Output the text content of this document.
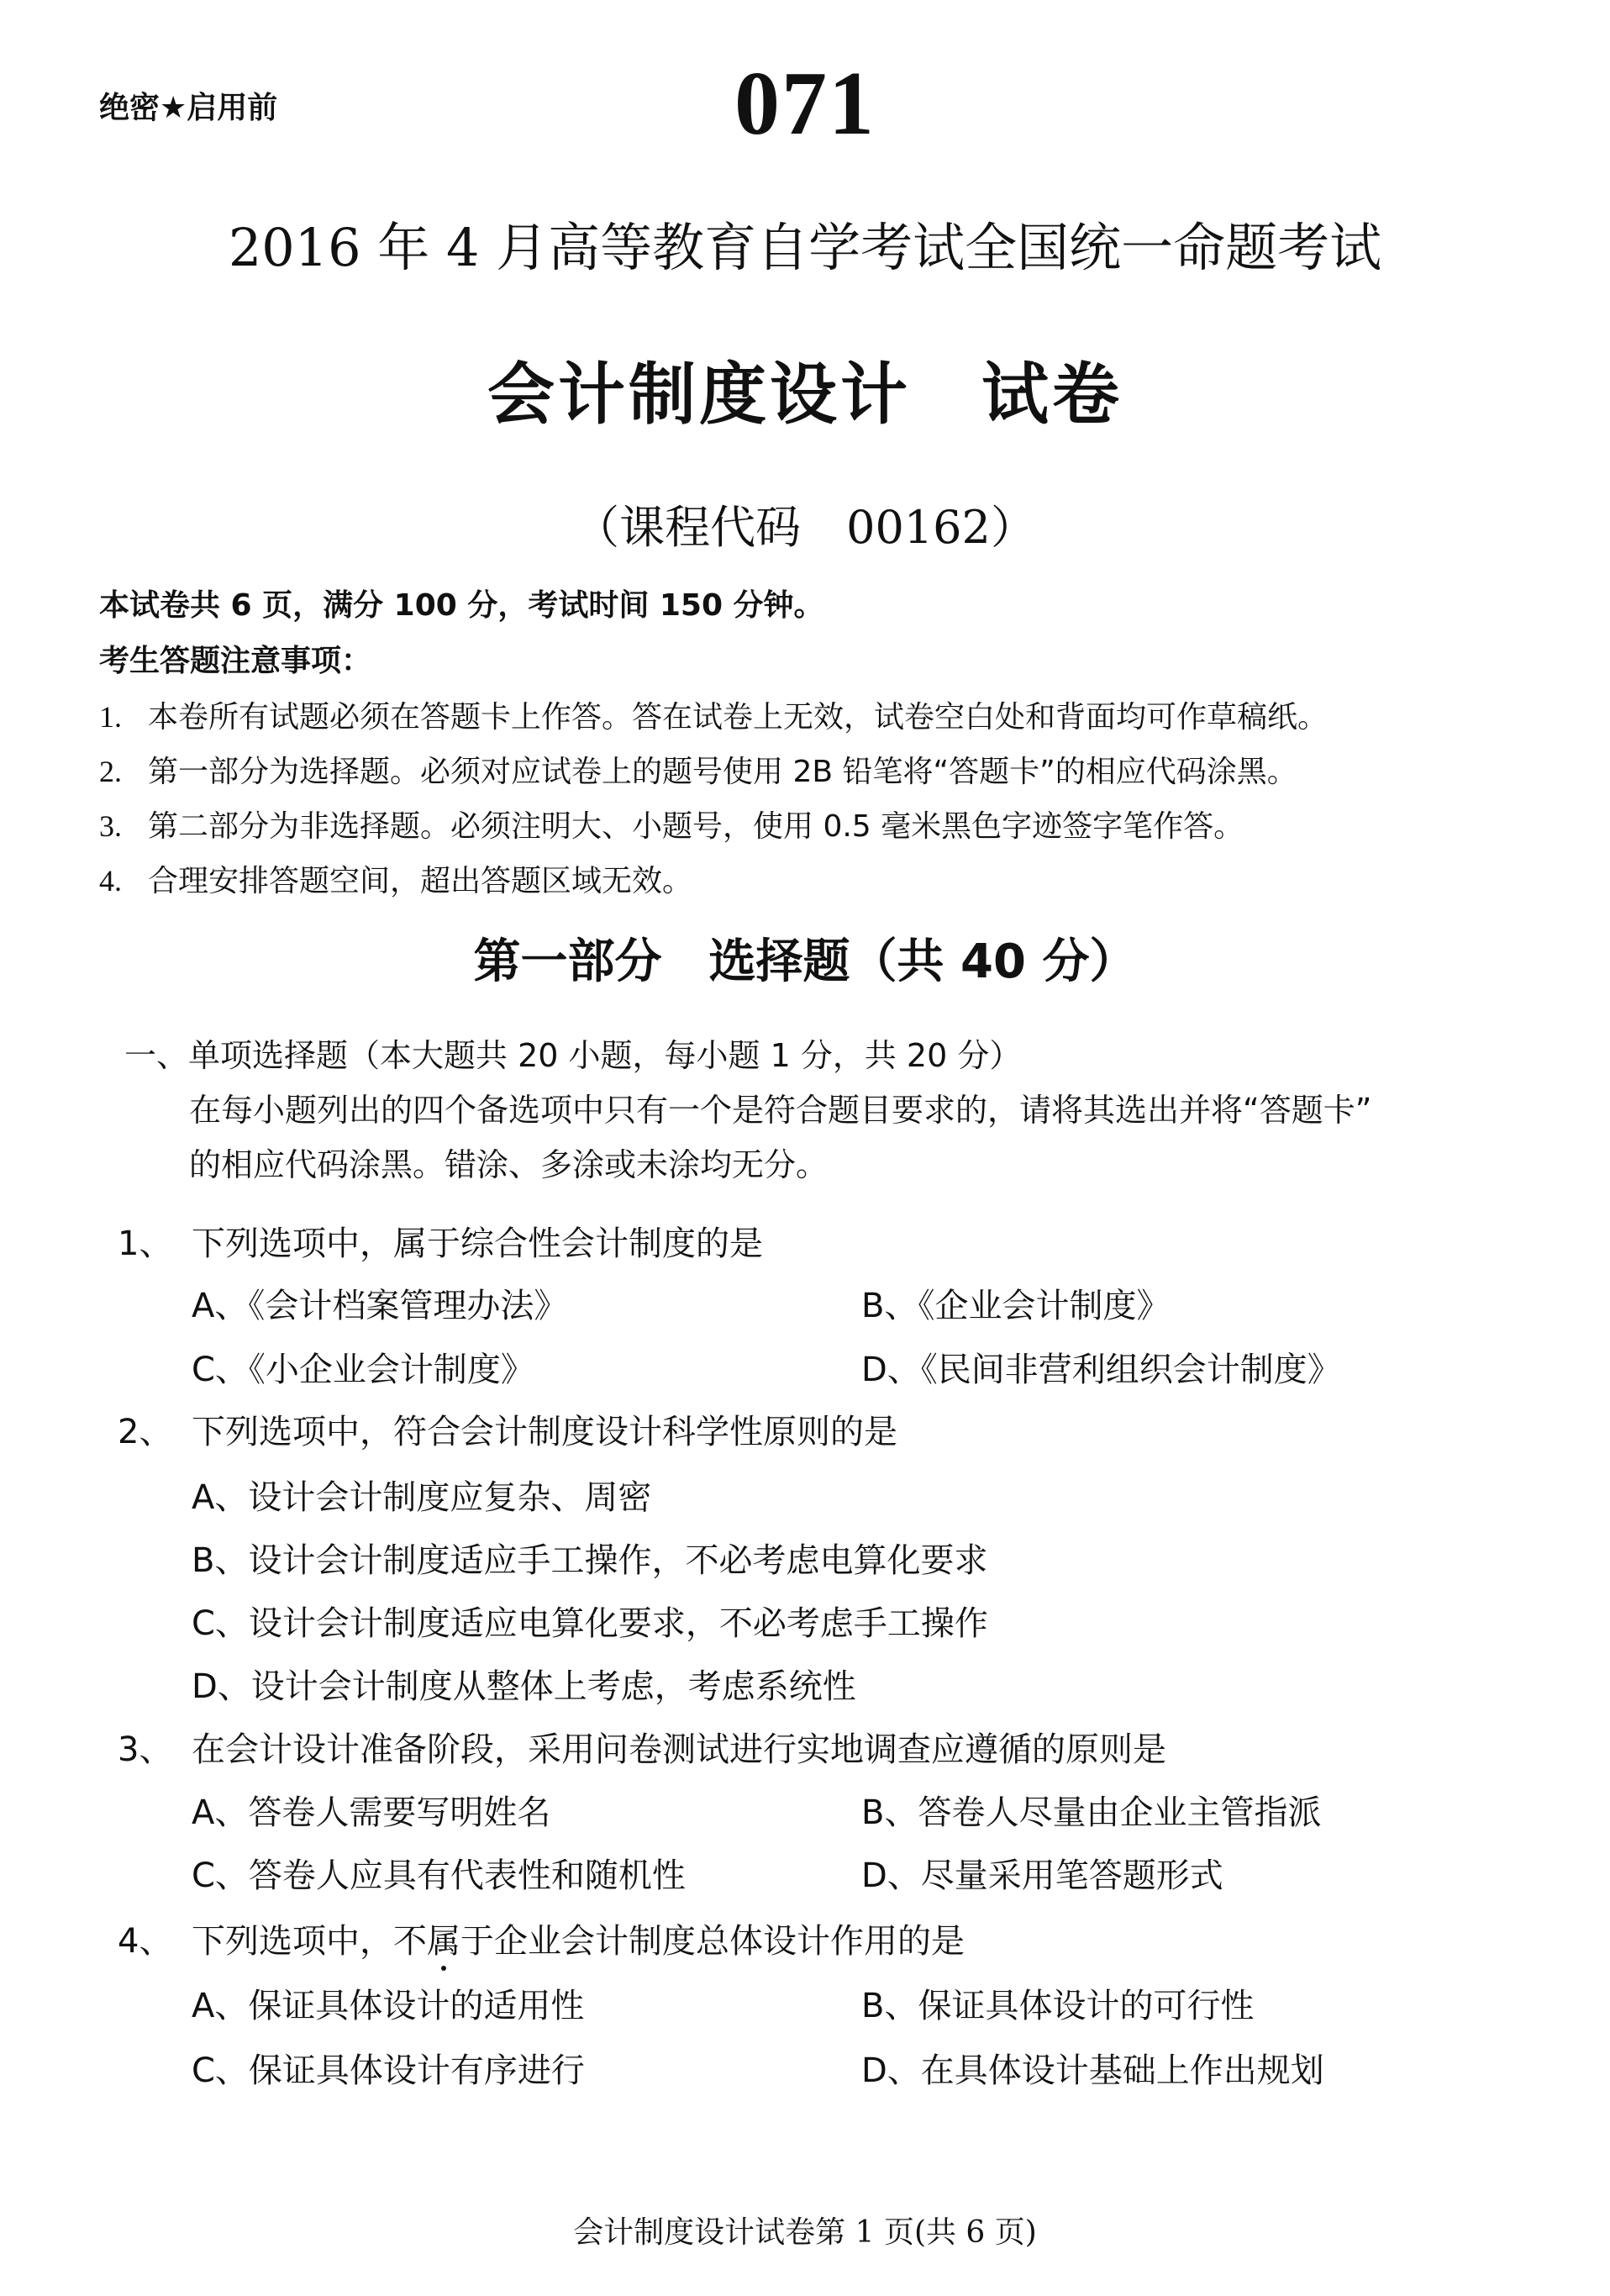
绝密★启用前	071
2016 年 4 月高等教育自学考试全国统一命题考试
会计制度设计　试卷
（课程代码　00162）
本试卷共 6 页，满分 100 分，考试时间 150 分钟。
考生答题注意事项：
1. 本卷所有试题必须在答题卡上作答。答在试卷上无效，试卷空白处和背面均可作草稿纸。
2. 第一部分为选择题。必须对应试卷上的题号使用 2B 铅笔将“答题卡”的相应代码涂黑。
3. 第二部分为非选择题。必须注明大、小题号，使用 0.5 毫米黑色字迹签字笔作答。
4. 合理安排答题空间，超出答题区域无效。
第一部分　选择题（共 40 分）
一、单项选择题（本大题共 20 小题，每小题 1 分，共 20 分）
在每小题列出的四个备选项中只有一个是符合题目要求的，请将其选出并将“答题卡”
的相应代码涂黑。错涂、多涂或未涂均无分。
1、 下列选项中，属于综合性会计制度的是
A、《会计档案管理办法》	B、《企业会计制度》
C、《小企业会计制度》	D、《民间非营利组织会计制度》
2、 下列选项中，符合会计制度设计科学性原则的是
A、设计会计制度应复杂、周密
B、设计会计制度适应手工操作，不必考虑电算化要求
C、设计会计制度适应电算化要求，不必考虑手工操作
D、设计会计制度从整体上考虑，考虑系统性
3、 在会计设计准备阶段，采用问卷测试进行实地调查应遵循的原则是
A、答卷人需要写明姓名	B、答卷人尽量由企业主管指派
C、答卷人应具有代表性和随机性	D、尽量采用笔答题形式
4、 下列选项中，不属于企业会计制度总体设计作用的是
A、保证具体设计的适用性	B、保证具体设计的可行性
C、保证具体设计有序进行	D、在具体设计基础上作出规划
会计制度设计试卷第 1 页(共 6 页)
